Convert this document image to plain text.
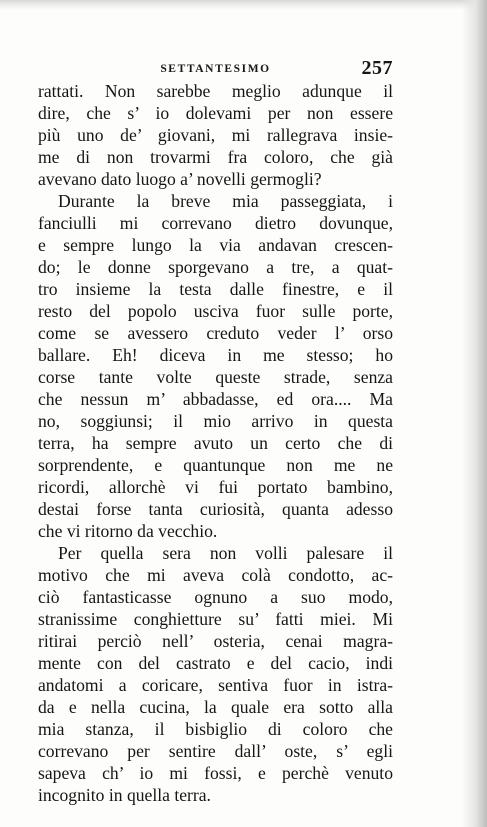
SETTANTESIMO	257
rattati. Non sarebbe meglio adunque il
dire, che s’ io dolevami per non essere
più uno de’ giovani, mi rallegrava insie-
me di non trovarmi fra coloro, che già
avevano dato luogo a’ novelli germogli?
Durante la breve mia passeggiata, i
fanciulli mi correvano dietro dovunque,
e sempre lungo la via andavan crescen-
do; le donne sporgevano a tre, a quat-
tro insieme la testa dalle finestre, e il
resto del popolo usciva fuor sulle porte,
come se avessero creduto veder l’ orso
ballare. Eh! diceva in me stesso; ho
corse tante volte queste strade, senza
che nessun m’ abbadasse, ed ora.... Ma
no, soggiunsi; il mio arrivo in questa
terra, ha sempre avuto un certo che di
sorprendente, e quantunque non me ne
ricordi, allorchè vi fui portato bambino,
destai forse tanta curiosità, quanta adesso
che vi ritorno da vecchio.
Per quella sera non volli palesare il
motivo che mi aveva colà condotto, ac-
ciò fantasticasse ognuno a suo modo,
stranissime conghietture su’ fatti miei. Mi
ritirai perciò nell’ osteria, cenai magra-
mente con del castrato e del cacio, indi
andatomi a coricare, sentiva fuor in istra-
da e nella cucina, la quale era sotto alla
mia stanza, il bisbiglio di coloro che
correvano per sentire dall’ oste, s’ egli
sapeva ch’ io mi fossi, e perchè venuto
incognito in quella terra.
